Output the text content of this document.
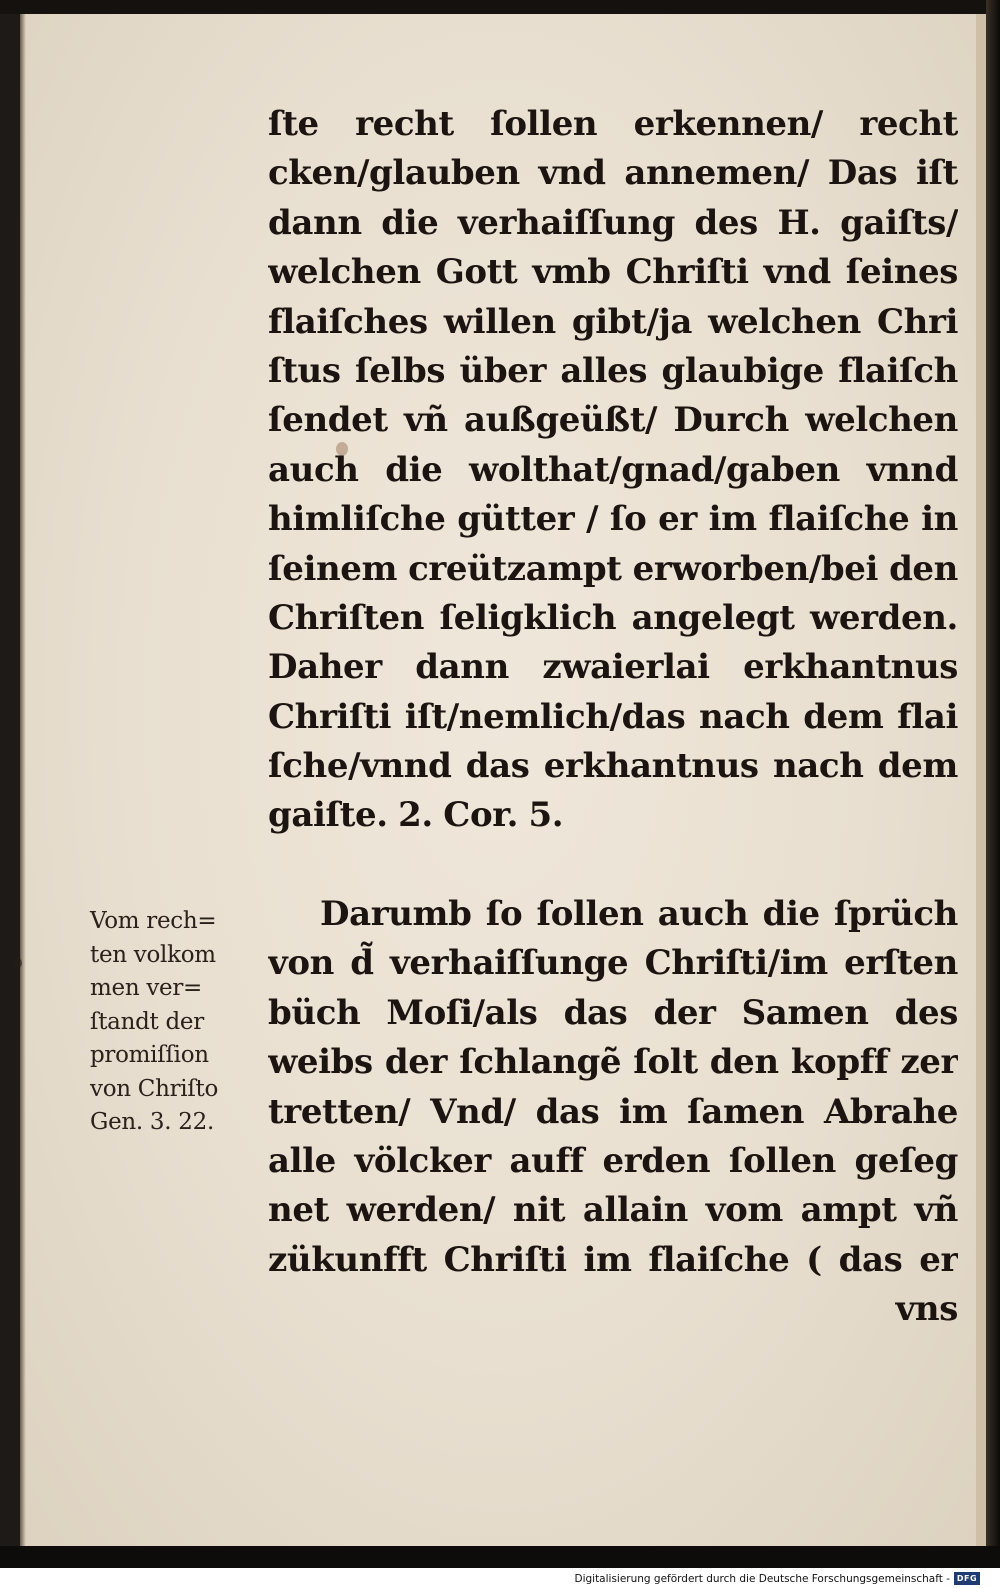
ſte recht ſollen erkennen/ recht
cken/glauben vnd annemen/ Das iſt
dann die verhaiſſung des H. gaiſts/
welchen Gott vmb Chriſti vnd ſeines
flaiſches willen gibt/ja welchen Chri
ſtus ſelbs über alles glaubige flaiſch
ſendet vñ außgeüßt/ Durch welchen
auch die wolthat/gnad/gaben vnnd
himliſche gütter / ſo er im flaiſche in
ſeinem creützampt erworben/bei den
Chriſten ſeligklich angelegt werden.
Daher dann zwaierlai erkhantnus
Chriſti iſt/nemlich/das nach dem flai
ſche/vnnd das erkhantnus nach dem
gaiſte. 2. Cor. 5.
Vom rech=
ten volkom
men ver=
ſtandt der
promiſſion
von Chriſto
Gen. 3. 22.
Darumb ſo ſollen auch die ſprüch
von d̃ verhaiſſunge Chriſti/im erſten
büch Moſi/als das der Samen des
weibs der ſchlangẽ ſolt den kopff zer
tretten/ Vnd/ das im ſamen Abrahe
alle völcker auff erden ſollen geſeg
net werden/ nit allain vom ampt vñ
zükunfft Chriſti im flaiſche ( das er
vns
Digitalisierung gefördert durch die Deutsche Forschungsgemeinschaft - DFG
